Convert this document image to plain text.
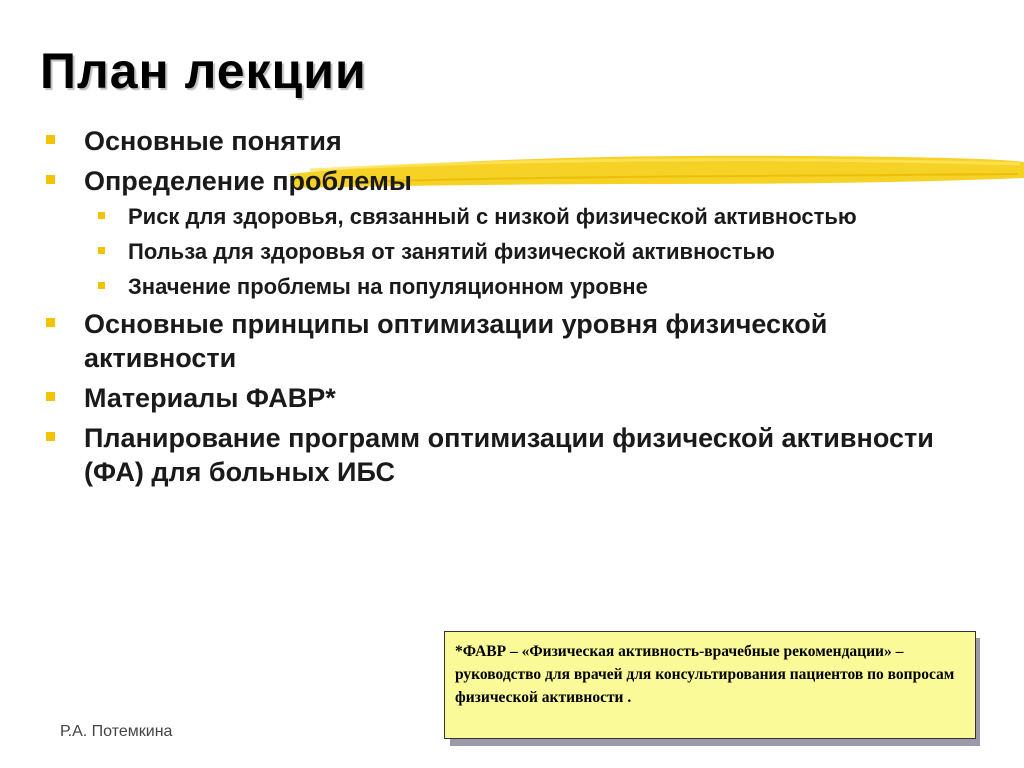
План лекции
Основные понятия
Определение проблемы
Риск для здоровья, связанный с низкой физической активностью
Польза для здоровья от занятий физической активностью
Значение проблемы на популяционном уровне
Основные принципы оптимизации уровня физической активности
Материалы ФАВР*
Планирование программ оптимизации физической активности (ФА) для больных ИБС
*ФАВР – «Физическая активность-врачебные рекомендации» – руководство для врачей для консультирования пациентов по вопросам физической активности .
Р.А. Потемкина
